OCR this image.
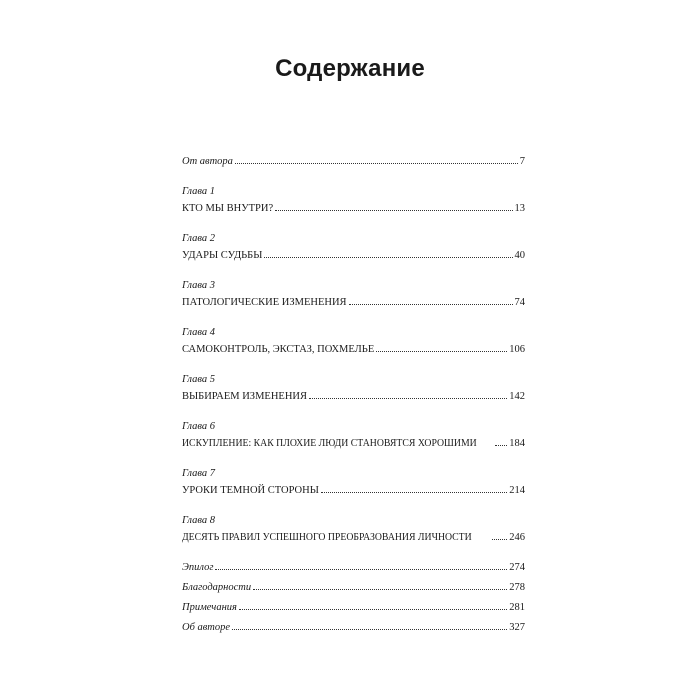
Содержание
От автора	7
Глава 1
КТО МЫ ВНУТРИ?	13
Глава 2
УДАРЫ СУДЬБЫ	40
Глава 3
ПАТОЛОГИЧЕСКИЕ ИЗМЕНЕНИЯ	74
Глава 4
САМОКОНТРОЛЬ, ЭКСТАЗ, ПОХМЕЛЬЕ	106
Глава 5
ВЫБИРАЕМ ИЗМЕНЕНИЯ	142
Глава 6
ИСКУПЛЕНИЕ: КАК ПЛОХИЕ ЛЮДИ СТАНОВЯТСЯ ХОРОШИМИ	184
Глава 7
УРОКИ ТЕМНОЙ СТОРОНЫ	214
Глава 8
ДЕСЯТЬ ПРАВИЛ УСПЕШНОГО ПРЕОБРАЗОВАНИЯ ЛИЧНОСТИ	246
Эпилог	274
Благодарности	278
Примечания	281
Об авторе	327
